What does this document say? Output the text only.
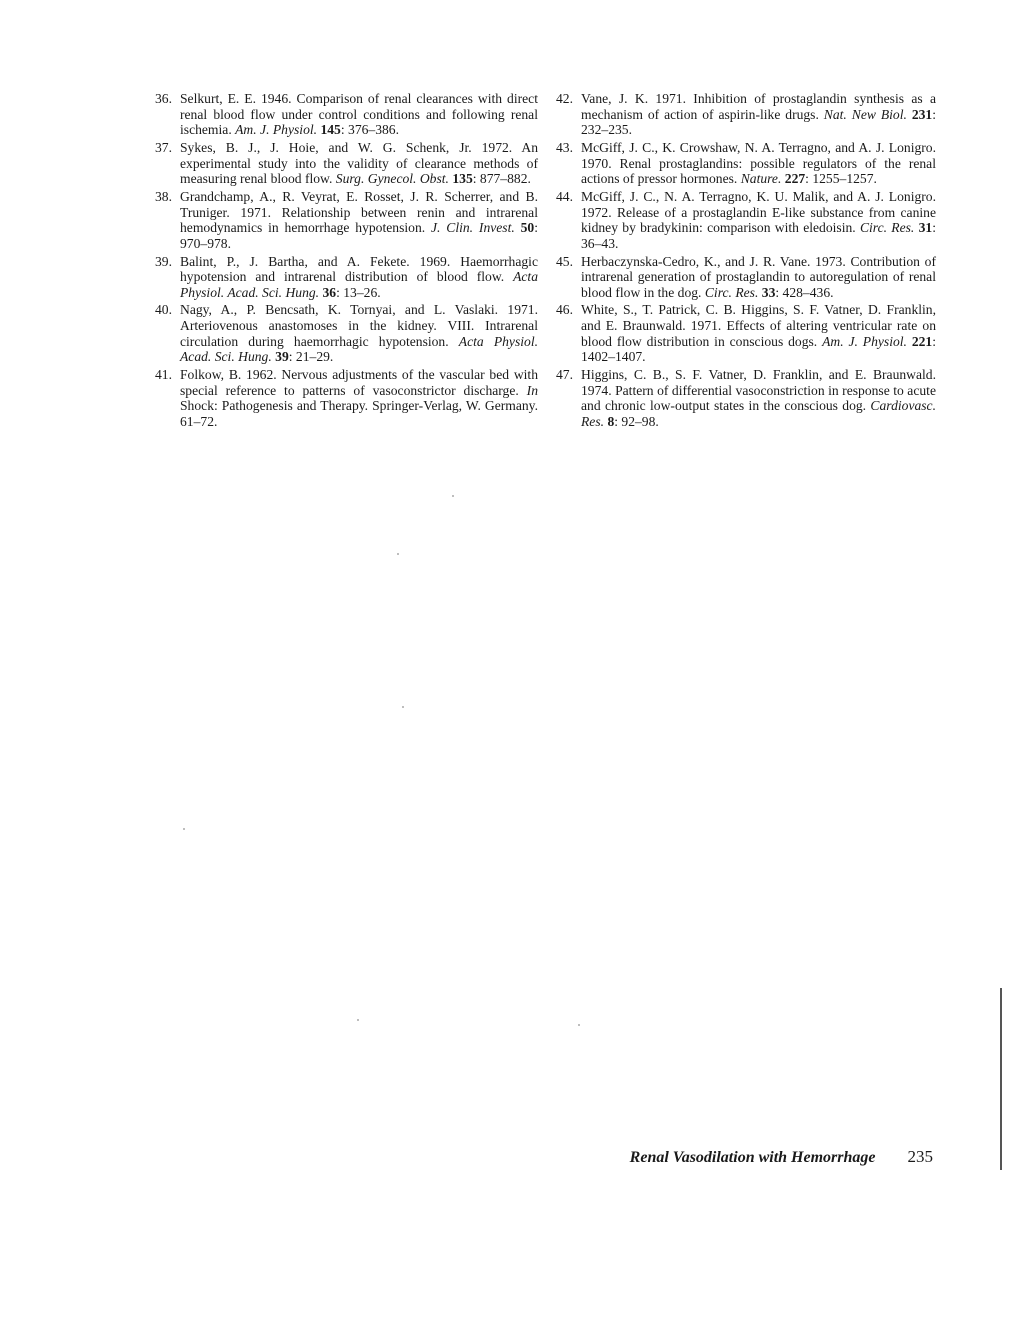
36. Selkurt, E. E. 1946. Comparison of renal clearances with direct renal blood flow under control conditions and following renal ischemia. Am. J. Physiol. 145: 376–386.
37. Sykes, B. J., J. Hoie, and W. G. Schenk, Jr. 1972. An experimental study into the validity of clearance methods of measuring renal blood flow. Surg. Gynecol. Obst. 135: 877–882.
38. Grandchamp, A., R. Veyrat, E. Rosset, J. R. Scherrer, and B. Truniger. 1971. Relationship between renin and intrarenal hemodynamics in hemorrhage hypotension. J. Clin. Invest. 50: 970–978.
39. Balint, P., J. Bartha, and A. Fekete. 1969. Haemorrhagic hypotension and intrarenal distribution of blood flow. Acta Physiol. Acad. Sci. Hung. 36: 13–26.
40. Nagy, A., P. Bencsath, K. Tornyai, and L. Vaslaki. 1971. Arteriovenous anastomoses in the kidney. VIII. Intrarenal circulation during haemorrhagic hypotension. Acta Physiol. Acad. Sci. Hung. 39: 21–29.
41. Folkow, B. 1962. Nervous adjustments of the vascular bed with special reference to patterns of vasoconstrictor discharge. In Shock: Pathogenesis and Therapy. Springer-Verlag, W. Germany. 61–72.
42. Vane, J. K. 1971. Inhibition of prostaglandin synthesis as a mechanism of action of aspirin-like drugs. Nat. New Biol. 231: 232–235.
43. McGiff, J. C., K. Crowshaw, N. A. Terragno, and A. J. Lonigro. 1970. Renal prostaglandins: possible regulators of the renal actions of pressor hormones. Nature. 227: 1255–1257.
44. McGiff, J. C., N. A. Terragno, K. U. Malik, and A. J. Lonigro. 1972. Release of a prostaglandin E-like substance from canine kidney by bradykinin: comparison with eledoisin. Circ. Res. 31: 36–43.
45. Herbaczynska-Cedro, K., and J. R. Vane. 1973. Contribution of intrarenal generation of prostaglandin to autoregulation of renal blood flow in the dog. Circ. Res. 33: 428–436.
46. White, S., T. Patrick, C. B. Higgins, S. F. Vatner, D. Franklin, and E. Braunwald. 1971. Effects of altering ventricular rate on blood flow distribution in conscious dogs. Am. J. Physiol. 221: 1402–1407.
47. Higgins, C. B., S. F. Vatner, D. Franklin, and E. Braunwald. 1974. Pattern of differential vasoconstriction in response to acute and chronic low-output states in the conscious dog. Cardiovasc. Res. 8: 92–98.
Renal Vasodilation with Hemorrhage 235
